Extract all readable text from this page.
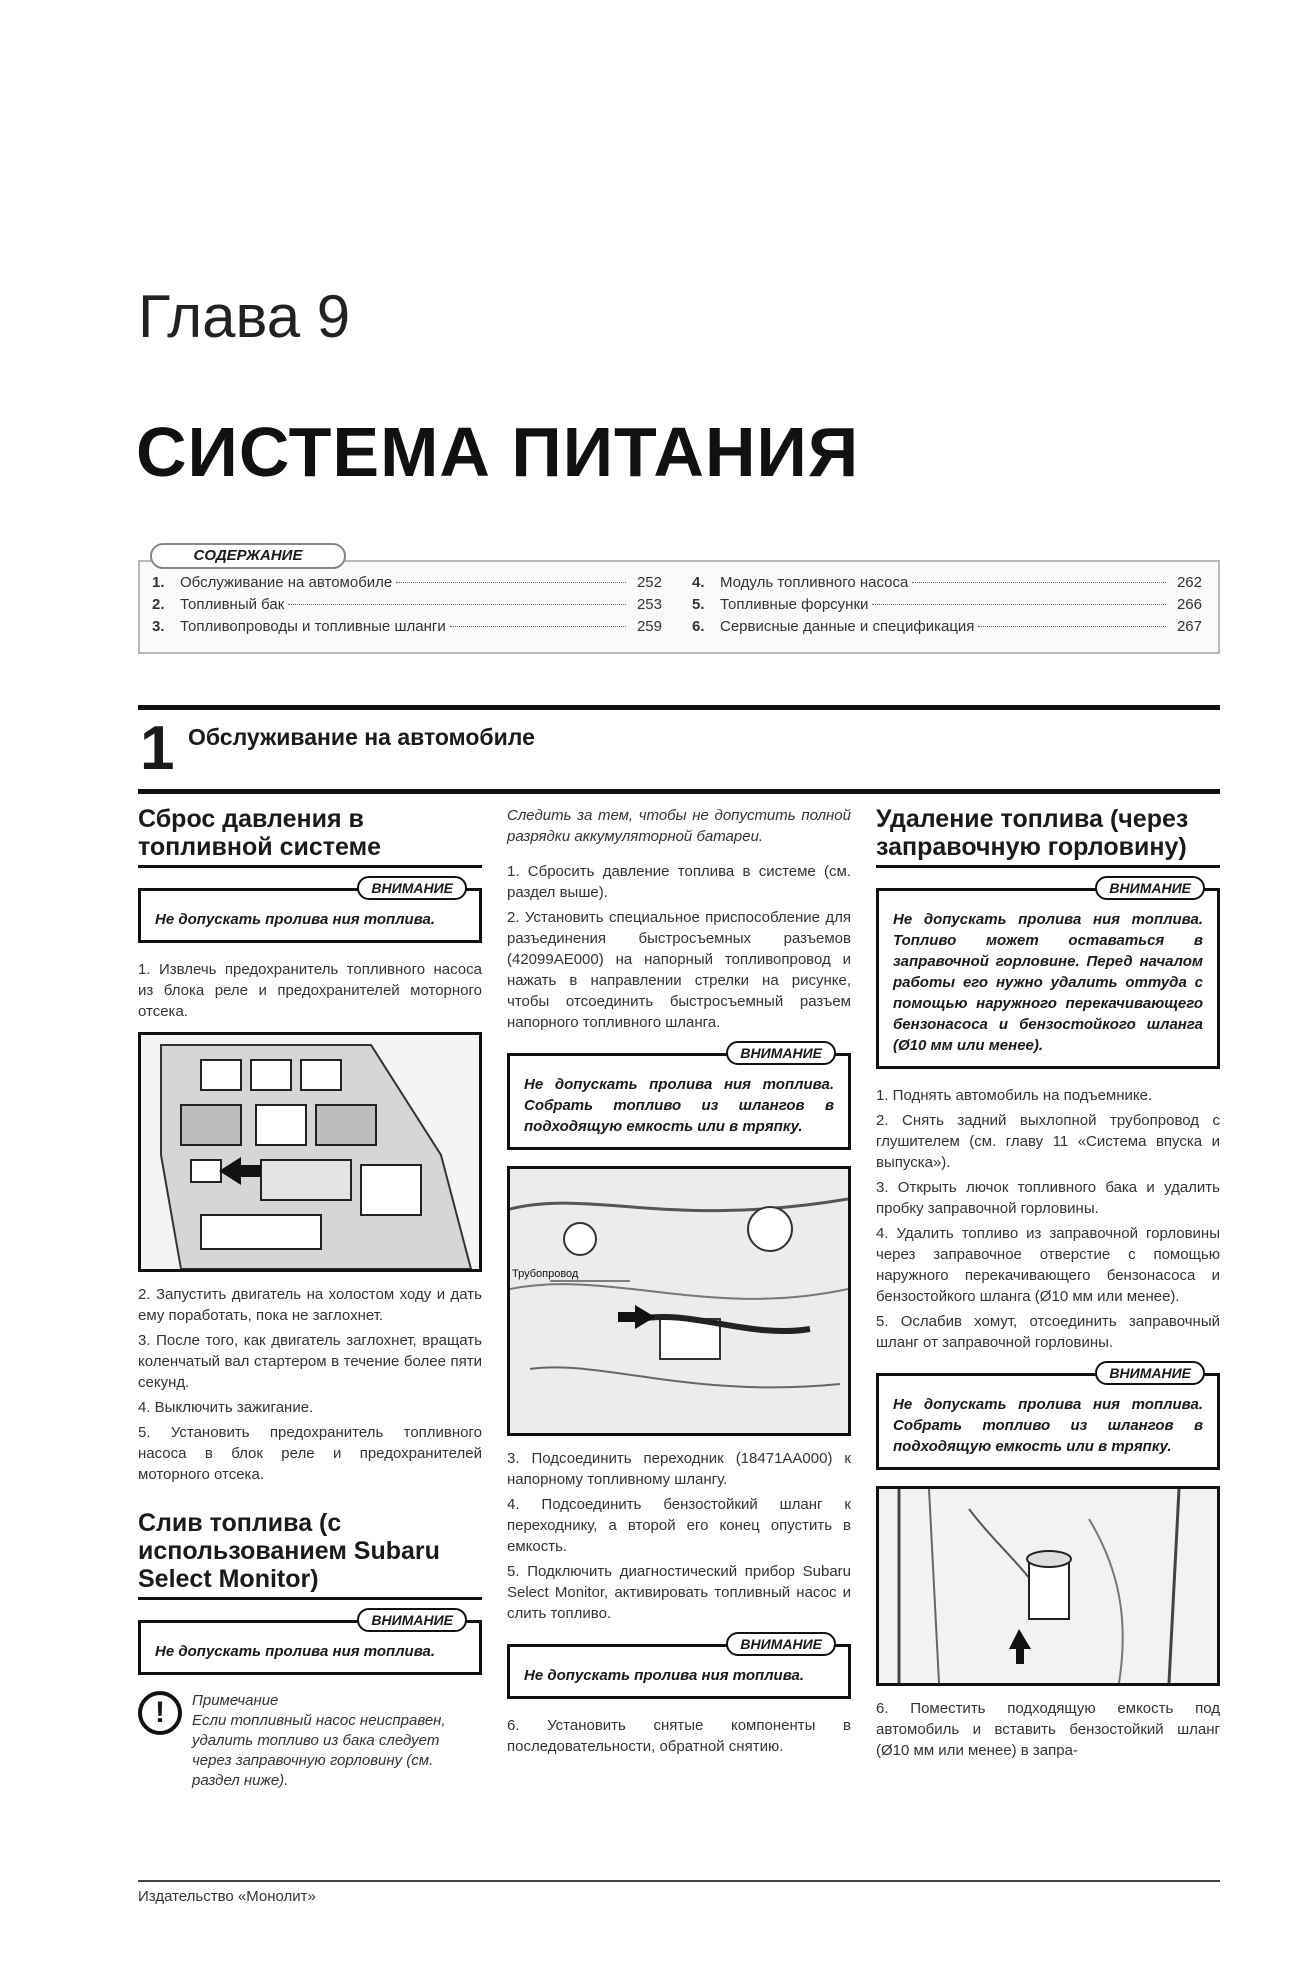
Глава 9
СИСТЕМА ПИТАНИЯ
1.	Обслуживание на автомобиле	252
2.	Топливный бак	253
3.	Топливопроводы и топливные шланги	259
4.	Модуль топливного насоса	262
5.	Топливные форсунки	266
6.	Сервисные данные и спецификация	267
СОДЕРЖАНИЕ
1 Обслуживание на автомобиле
Сброс давления в топливной системе
ВНИМАНИЕ
Не допускать пролива ния топлива.
1. Извлечь предохранитель топливного насоса из блока реле и предохранителей моторного отсека.
2. Запустить двигатель на холостом ходу и дать ему поработать, пока не заглохнет.
3. После того, как двигатель заглохнет, вращать коленчатый вал стартером в течение более пяти секунд.
4. Выключить зажигание.
5. Установить предохранитель топливного насоса в блок реле и предохранителей моторного отсека.
Слив топлива (с использованием Subaru Select Monitor)
ВНИМАНИЕ
Не допускать пролива ния топлива.
!	Примечание
Если топливный насос неисправен, удалить топливо из бака следует через заправочную горловину (см. раздел ниже).
Следить за тем, чтобы не допустить полной разрядки аккумуляторной батареи.
1. Сбросить давление топлива в системе (см. раздел выше).
2. Установить специальное приспособление для разъединения быстросъемных разъемов (42099AE000) на напорный топливопровод и нажать в направлении стрелки на рисунке, чтобы отсоединить быстросъемный разъем напорного топливного шланга.
ВНИМАНИЕ
Не допускать пролива ния топлива. Собрать топливо из шлангов в подходящую емкость или в тряпку.
Трубопровод
3. Подсоединить переходник (18471AA000) к напорному топливному шлангу.
4. Подсоединить бензостойкий шланг к переходнику, а второй его конец опустить в емкость.
5. Подключить диагностический прибор Subaru Select Monitor, активировать топливный насос и слить топливо.
ВНИМАНИЕ
Не допускать пролива ния топлива.
6. Установить снятые компоненты в последовательности, обратной снятию.
Удаление топлива (через заправочную горловину)
ВНИМАНИЕ
Не допускать пролива ния топлива. Топливо может оставаться в заправочной горловине. Перед началом работы его нужно удалить оттуда с помощью наружного перекачивающего бензонасоса и бензостойкого шланга (Ø10 мм или менее).
1. Поднять автомобиль на подъемнике.
2. Снять задний выхлопной трубопровод с глушителем (см. главу 11 «Система впуска и выпуска»).
3. Открыть лючок топливного бака и удалить пробку заправочной горловины.
4. Удалить топливо из заправочной горловины через заправочное отверстие с помощью наружного перекачивающего бензонасоса и бензостойкого шланга (Ø10 мм или менее).
5. Ослабив хомут, отсоединить заправочный шланг от заправочной горловины.
ВНИМАНИЕ
Не допускать пролива ния топлива. Собрать топливо из шлангов в подходящую емкость или в тряпку.
6. Поместить подходящую емкость под автомобиль и вставить бензостойкий шланг (Ø10 мм или менее) в запра-
Издательство «Монолит»
